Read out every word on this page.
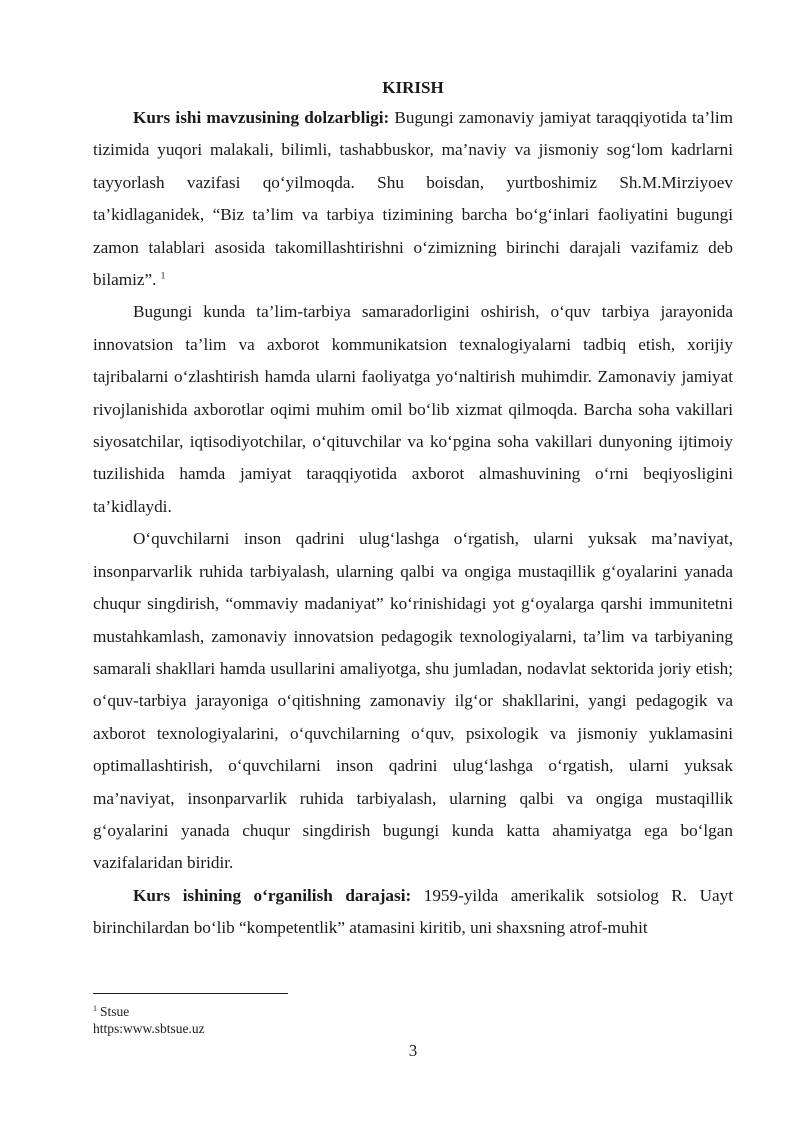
KIRISH

Kurs ishi mavzusining dolzarbligi: Bugungi zamonaviy jamiyat taraqqiyotida ta’lim tizimida yuqori malakali, bilimli, tashabbuskor, ma’naviy va jismoniy sog‘lom kadrlarni tayyorlash vazifasi qo‘yilmoqda. Shu boisdan, yurtboshimiz Sh.M.Mirziyoev ta’kidlaganidek, “Biz ta’lim va tarbiya tizimining barcha bo‘g‘inlari faoliyatini bugungi zamon talablari asosida takomillashtirishni o‘zimizning birinchi darajali vazifamiz deb bilamiz”. $^1$

Bugungi kunda ta’lim-tarbiya samaradorligini oshirish, o‘quv tarbiya jarayonida innovatsion ta’lim va axborot kommunikatsion texnalogiyalarni tadbiq etish, xorijiy tajribalarni o‘zlashtirish hamda ularni faoliyatga yo‘naltirish muhimdir. Zamonaviy jamiyat rivojlanishida axborotlar oqimi muhim omil bo‘lib xizmat qilmoqda. Barcha soha vakillari siyosatchilar, iqtisodiyotchilar, o‘qituvchilar va ko‘pgina soha vakillari dunyoning ijtimoiy tuzilishida hamda jamiyat taraqqiyotida axborot almashuvining o‘rni beqiyosligini ta’kidlaydi.

O‘quvchilarni inson qadrini ulug‘lashga o‘rgatish, ularni yuksak ma’naviyat, insonparvarlik ruhida tarbiyalash, ularning qalbi va ongiga mustaqillik g‘oyalarini yanada chuqur singdirish, “ommaviy madaniyat” ko‘rinishidagi yot g‘oyalarga qarshi immunitetni mustahkamlash, zamonaviy innovatsion pedagogik texnologiyalarni, ta’lim va tarbiyaning samarali shakllari hamda usullarini amaliyotga, shu jumladan, nodavlat sektorida joriy etish; o‘quv-tarbiya jarayoniga o‘qitishning zamonaviy ilg‘or shakllarini, yangi pedagogik va axborot texnologiyalarini, o‘quvchilarning o‘quv, psixologik va jismoniy yuklamasini optimallashtirish, o‘quvchilarni inson qadrini ulug‘lashga o‘rgatish, ularni yuksak ma’naviyat, insonparvarlik ruhida tarbiyalash, ularning qalbi va ongiga mustaqillik g‘oyalarini yanada chuqur singdirish bugungi kunda katta ahamiyatga ega bo‘lgan vazifalaridan biridir.

Kurs ishining o‘rganilish darajasi: 1959-yilda amerikalik sotsiolog R. Uayt birinchilardan bo‘lib “kompetentlik” atamasini kiritib, uni shaxsning atrof-muhit

$^1$ Stsue
https:www.sbtsue.uz
3
